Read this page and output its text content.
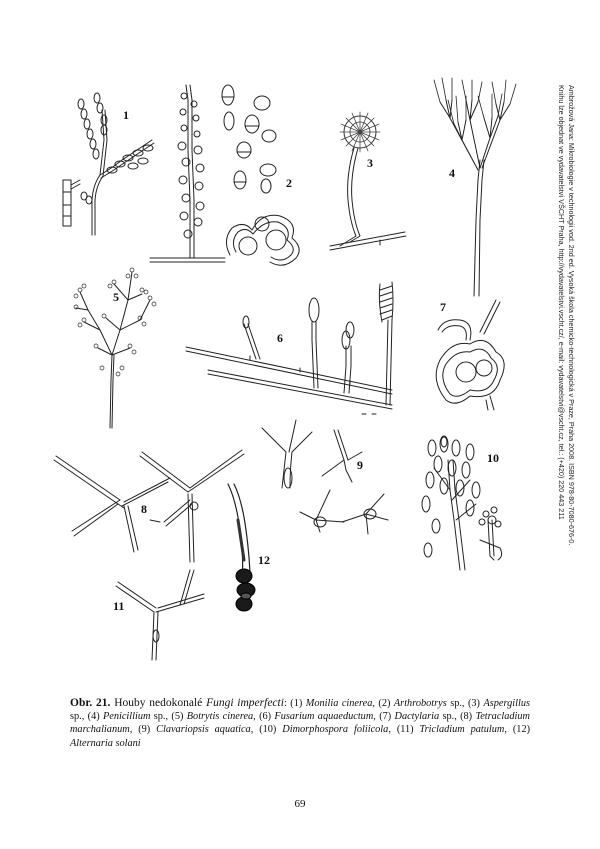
1
2
3
4
5
6
7
8
9	10
11
12
Ambrožová Jana: Mikrobiologie v technologii vod. 2nd ed. Vysoká škola chemicko-technologická v Praze, Praha 2008. ISBN 978-80-7080-676-0.
Knihu lze objednat ve vydavatelství VŠCHT Praha, http://vydavatelstvi.vscht.cz/, e-mail: vydavatelstvi@vscht.cz, tel.: (+420) 220 443 211
Obr. 21. Houby nedokonalé Fungi imperfecti: (1) Monilia cinerea, (2) Arthrobotrys sp., (3) Aspergillus sp., (4) Penicillium sp., (5) Botrytis cinerea, (6) Fusarium aquaeductum, (7) Dactylaria sp., (8) Tetracladium marchalianum, (9) Clavariopsis aquatica, (10) Dimorphospora foliicola, (11) Tricladium patulum, (12) Alternaria solani
69
